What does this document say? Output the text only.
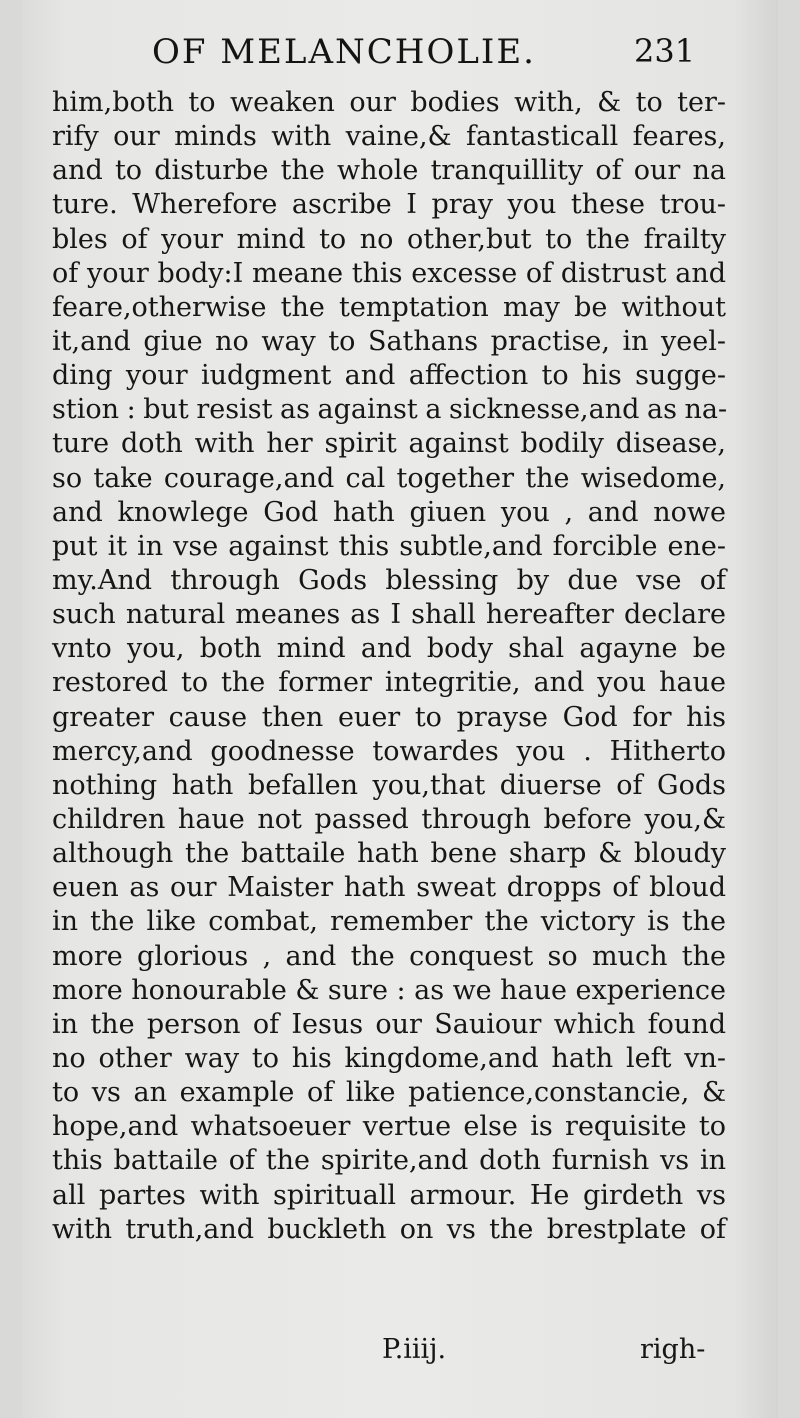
OF MELANCHOLIE.	231
him,both to weaken our bodies with, & to ter-
rify our minds with vaine,& fantasticall feares,
and to disturbe the whole tranquillity of our na
ture. Wherefore ascribe I pray you these trou-
bles of your mind to no other,but to the frailty
of your body:I meane this excesse of distrust and
feare,otherwise the temptation may be without
it,and giue no way to Sathans practise, in yeel-
ding your iudgment and affection to his sugge-
stion : but resist as against a sicknesse,and as na-
ture doth with her spirit against bodily disease,
so take courage,and cal together the wisedome,
and knowlege God hath giuen you , and nowe
put it in vse against this subtle,and forcible ene-
my.And through Gods blessing by due vse of
such natural meanes as I shall hereafter declare
vnto you, both mind and body shal agayne be
restored to the former integritie, and you haue
greater cause then euer to prayse God for his
mercy,and goodnesse towardes you . Hitherto
nothing hath befallen you,that diuerse of Gods
children haue not passed through before you,&
although the battaile hath bene sharp & bloudy
euen as our Maister hath sweat dropps of bloud
in the like combat, remember the victory is the
more glorious , and the conquest so much the
more honourable & sure : as we haue experience
in the person of Iesus our Sauiour which found
no other way to his kingdome,and hath left vn-
to vs an example of like patience,constancie, &
hope,and whatsoeuer vertue else is requisite to
this battaile of the spirite,and doth furnish vs in
all partes with spirituall armour. He girdeth vs
with truth,and buckleth on vs the brestplate of
P.iiij.	righ-
